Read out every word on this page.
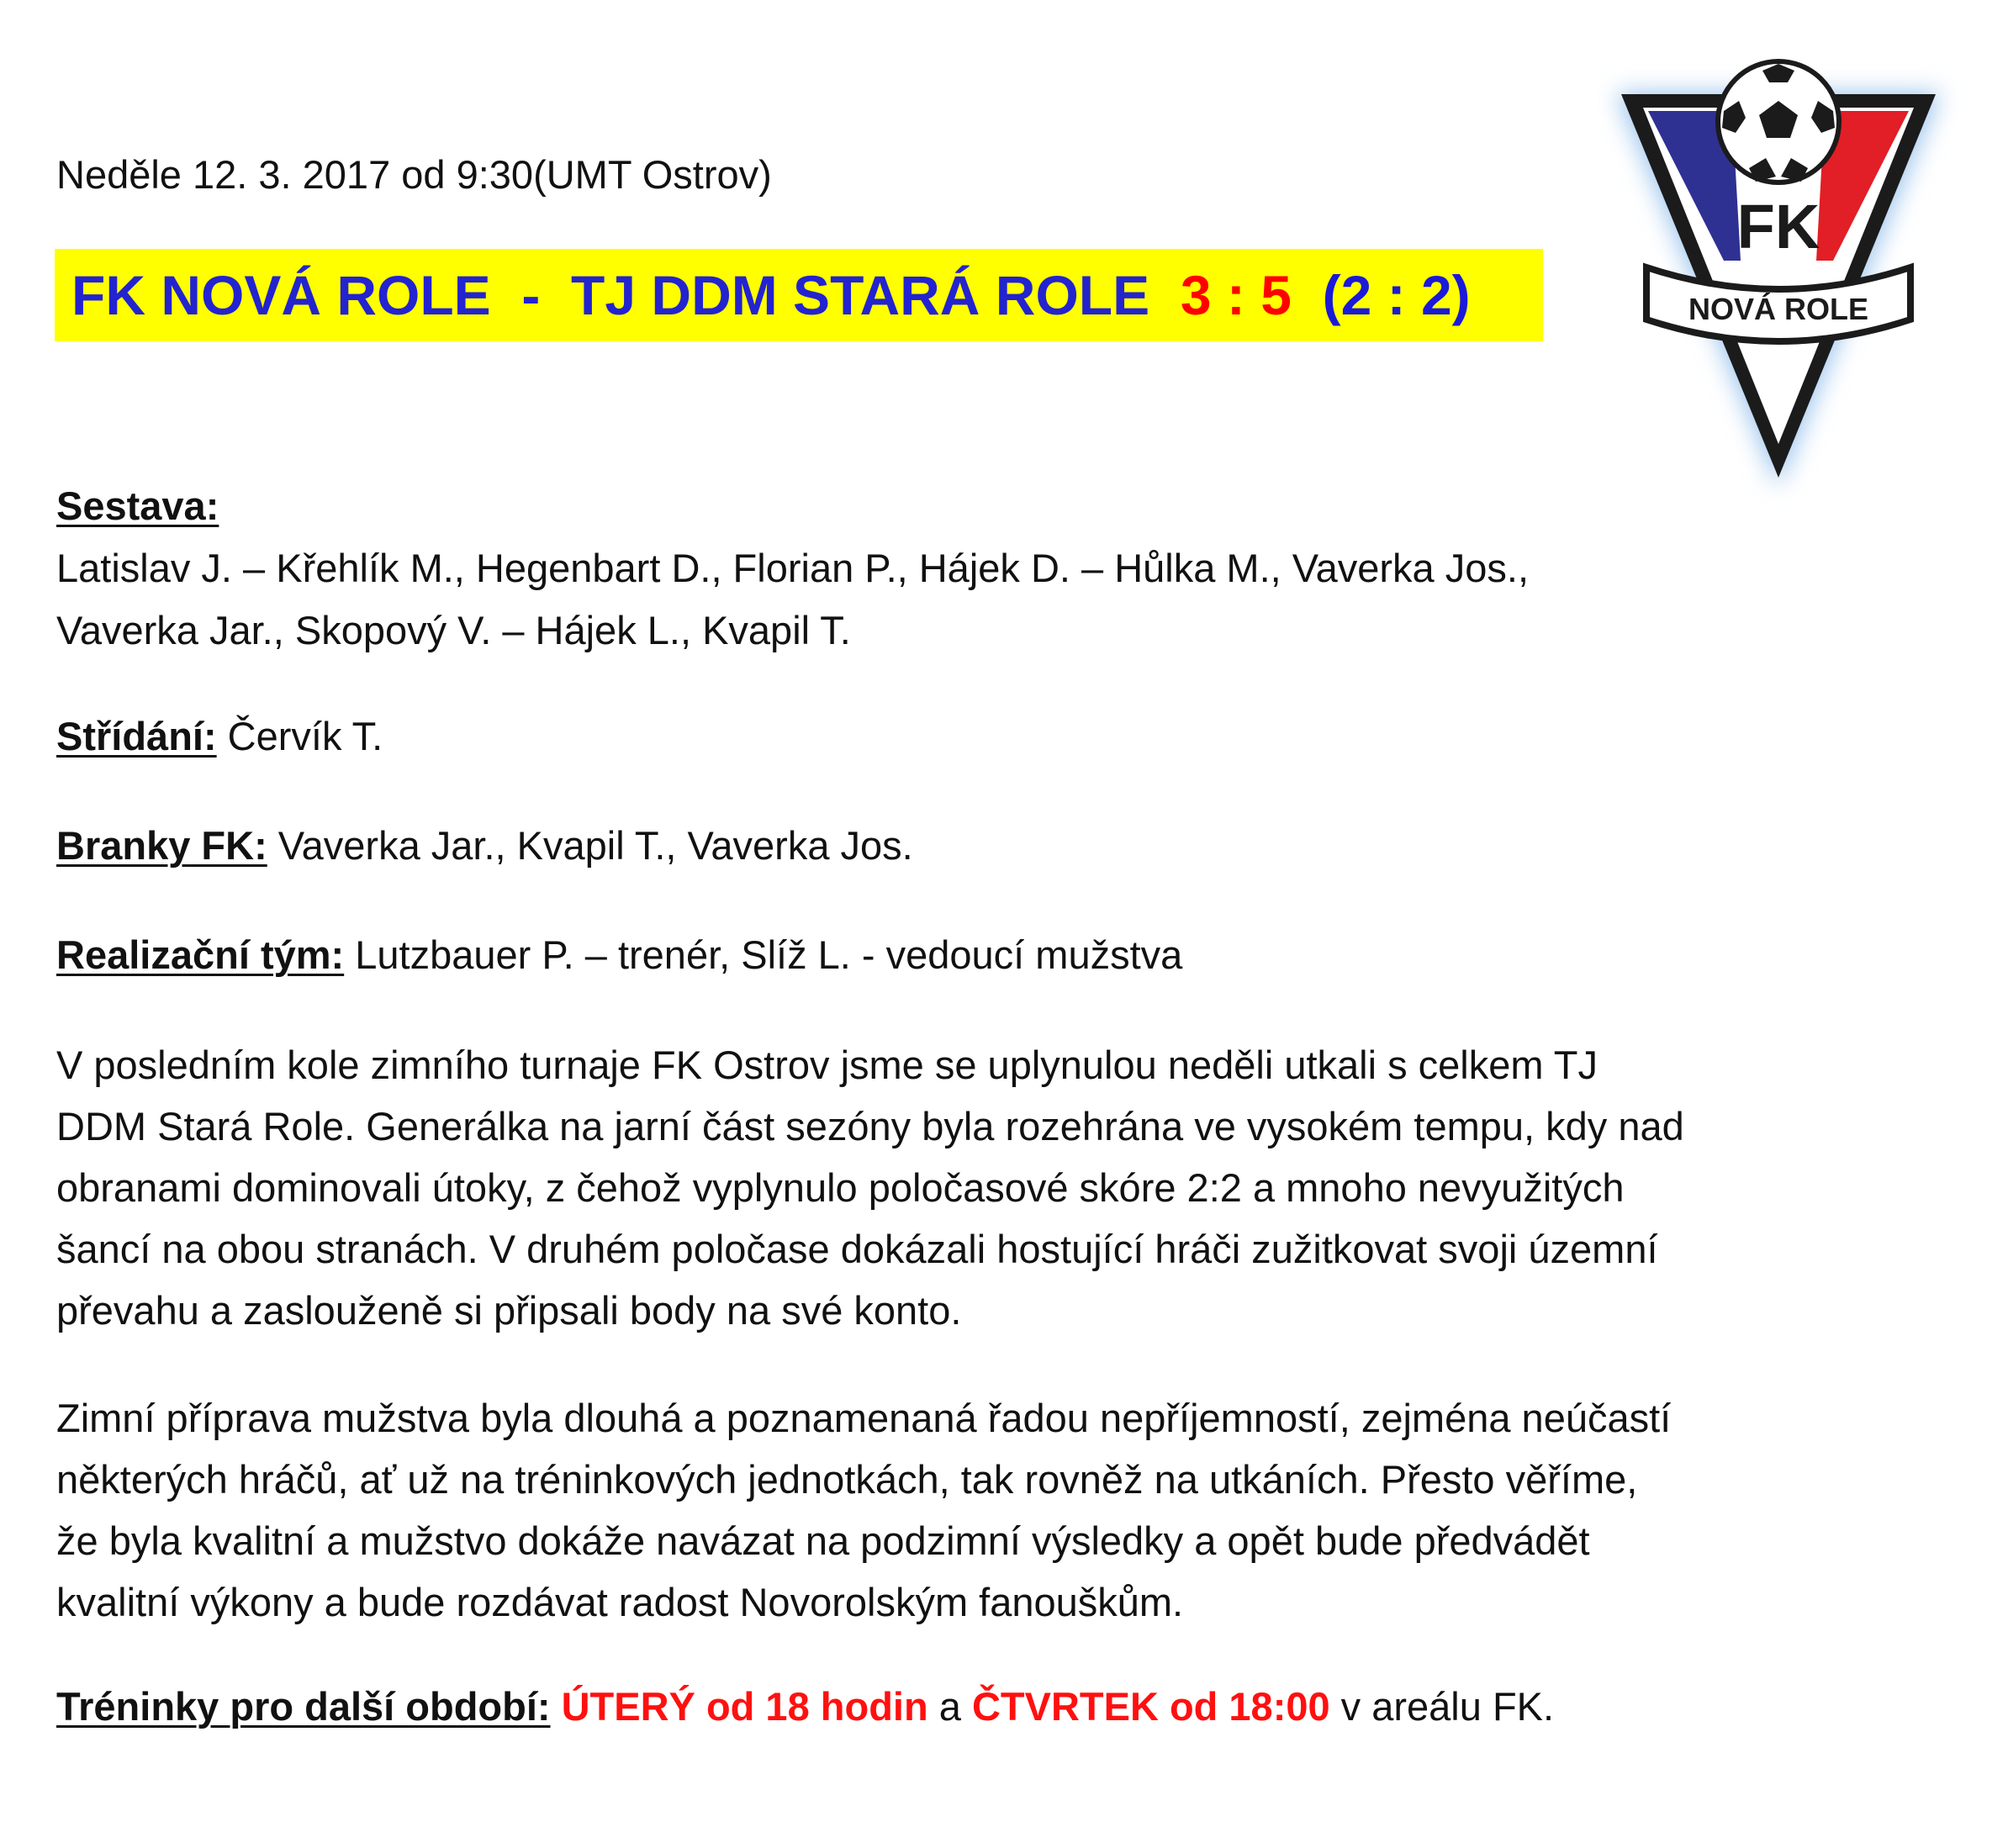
Neděle 12. 3. 2017 od 9:30(UMT Ostrov)
FK NOVÁ ROLE - TJ DDM STARÁ ROLE 3 : 5 (2 : 2)
FK
NOVÁ ROLE
Sestava:
Latislav J. – Křehlík M., Hegenbart D., Florian P., Hájek D. – Hůlka M., Vaverka Jos.,
Vaverka Jar., Skopový V. – Hájek L., Kvapil T.
Střídání: Červík T.
Branky FK: Vaverka Jar., Kvapil T., Vaverka Jos.
Realizační tým: Lutzbauer P. – trenér, Slíž L. - vedoucí mužstva
V posledním kole zimního turnaje FK Ostrov jsme se uplynulou neděli utkali s celkem TJ
DDM Stará Role. Generálka na jarní část sezóny byla rozehrána ve vysokém tempu, kdy nad
obranami dominovali útoky, z čehož vyplynulo poločasové skóre 2:2 a mnoho nevyužitých
šancí na obou stranách. V druhém poločase dokázali hostující hráči zužitkovat svoji územní
převahu a zaslouženě si připsali body na své konto.
Zimní příprava mužstva byla dlouhá a poznamenaná řadou nepříjemností, zejména neúčastí
některých hráčů, ať už na tréninkových jednotkách, tak rovněž na utkáních. Přesto věříme,
že byla kvalitní a mužstvo dokáže navázat na podzimní výsledky a opět bude předvádět
kvalitní výkony a bude rozdávat radost Novorolským fanouškům.
Tréninky pro další období: ÚTERÝ od 18 hodin a ČTVRTEK od 18:00 v areálu FK.
